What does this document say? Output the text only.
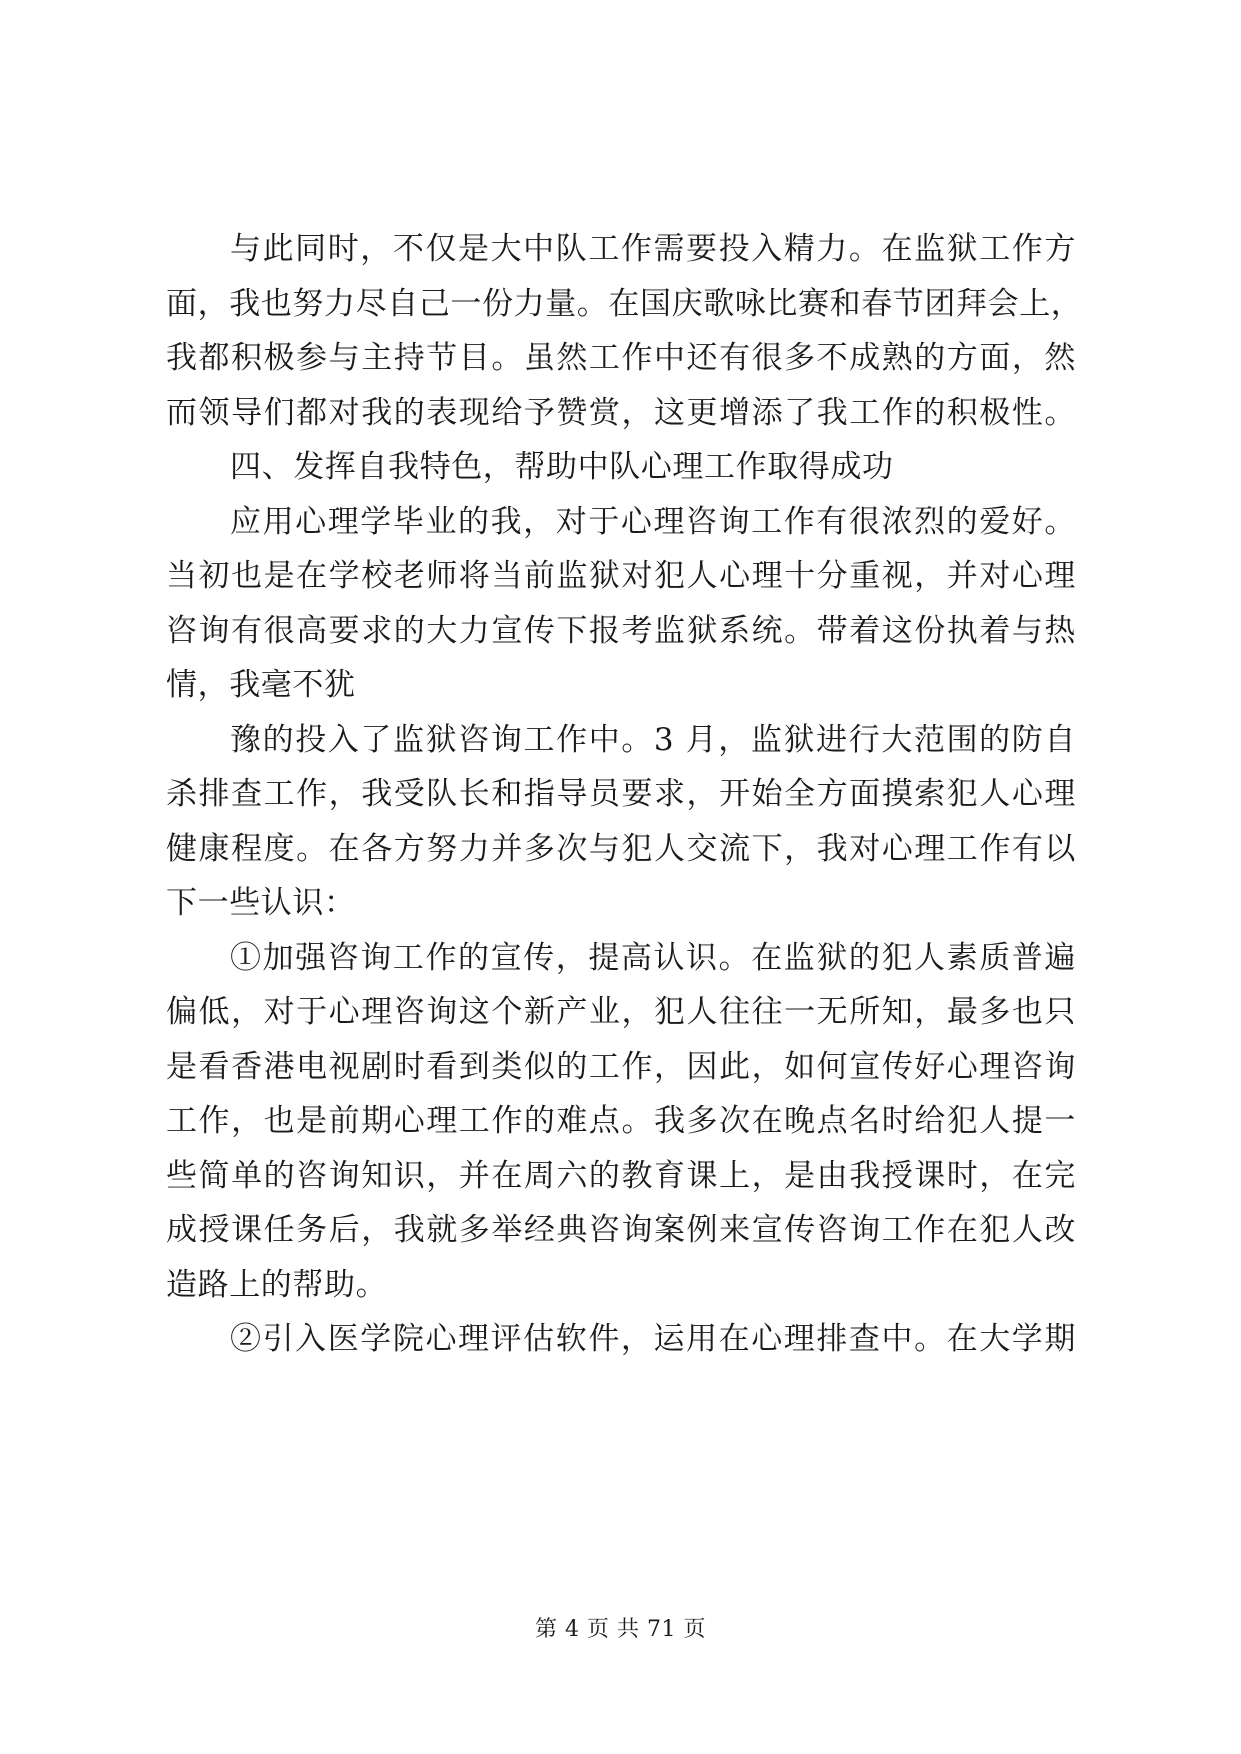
与此同时，不仅是大中队工作需要投入精力。在监狱工作方
面，我也努力尽自己一份力量。在国庆歌咏比赛和春节团拜会上，
我都积极参与主持节目。虽然工作中还有很多不成熟的方面，然
而领导们都对我的表现给予赞赏，这更增添了我工作的积极性。
四、发挥自我特色，帮助中队心理工作取得成功
应用心理学毕业的我，对于心理咨询工作有很浓烈的爱好。
当初也是在学校老师将当前监狱对犯人心理十分重视，并对心理
咨询有很高要求的大力宣传下报考监狱系统。带着这份执着与热
情，我毫不犹
豫的投入了监狱咨询工作中。3 月，监狱进行大范围的防自
杀排查工作，我受队长和指导员要求，开始全方面摸索犯人心理
健康程度。在各方努力并多次与犯人交流下，我对心理工作有以
下一些认识：
①加强咨询工作的宣传，提高认识。在监狱的犯人素质普遍
偏低，对于心理咨询这个新产业，犯人往往一无所知，最多也只
是看香港电视剧时看到类似的工作，因此，如何宣传好心理咨询
工作，也是前期心理工作的难点。我多次在晚点名时给犯人提一
些简单的咨询知识，并在周六的教育课上，是由我授课时，在完
成授课任务后，我就多举经典咨询案例来宣传咨询工作在犯人改
造路上的帮助。
②引入医学院心理评估软件，运用在心理排查中。在大学期
第 4 页 共 71 页
